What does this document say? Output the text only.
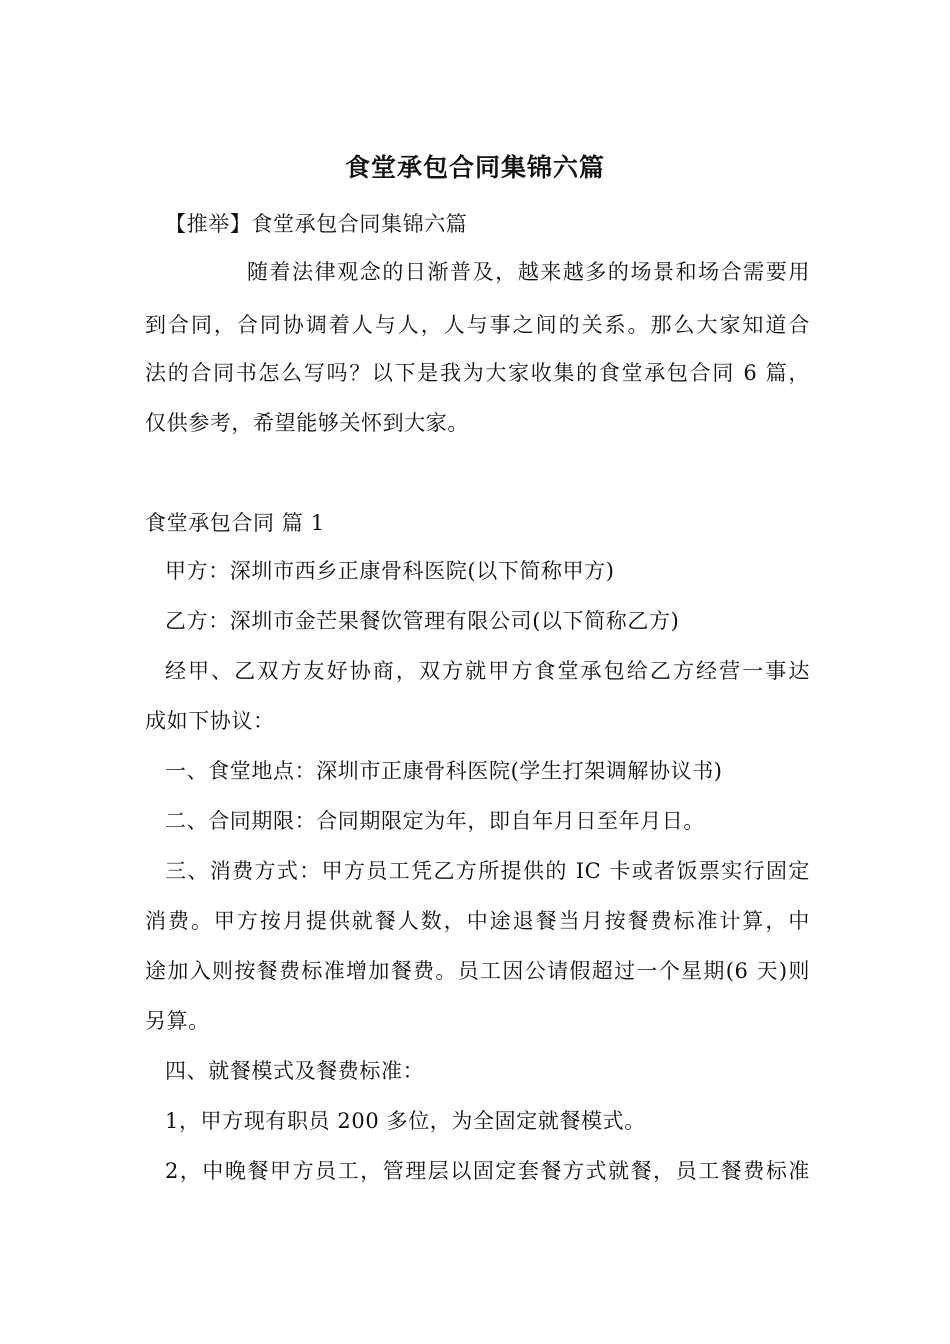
食堂承包合同集锦六篇
【推举】食堂承包合同集锦六篇
随着法律观念的日渐普及，越来越多的场景和场合需要用
到合同，合同协调着人与人，人与事之间的关系。那么大家知道合
法的合同书怎么写吗？以下是我为大家收集的食堂承包合同 6 篇，
仅供参考，希望能够关怀到大家。
食堂承包合同 篇 1
甲方：深圳市西乡正康骨科医院(以下简称甲方)
乙方：深圳市金芒果餐饮管理有限公司(以下简称乙方)
经甲、乙双方友好协商，双方就甲方食堂承包给乙方经营一事达
成如下协议：
一、食堂地点：深圳市正康骨科医院(学生打架调解协议书)
二、合同期限：合同期限定为年，即自年月日至年月日。
三、消费方式：甲方员工凭乙方所提供的 IC 卡或者饭票实行固定
消费。甲方按月提供就餐人数，中途退餐当月按餐费标准计算，中
途加入则按餐费标准增加餐费。员工因公请假超过一个星期(6 天)则
另算。
四、就餐模式及餐费标准：
1，甲方现有职员 200 多位，为全固定就餐模式。
2，中晚餐甲方员工，管理层以固定套餐方式就餐，员工餐费标准
